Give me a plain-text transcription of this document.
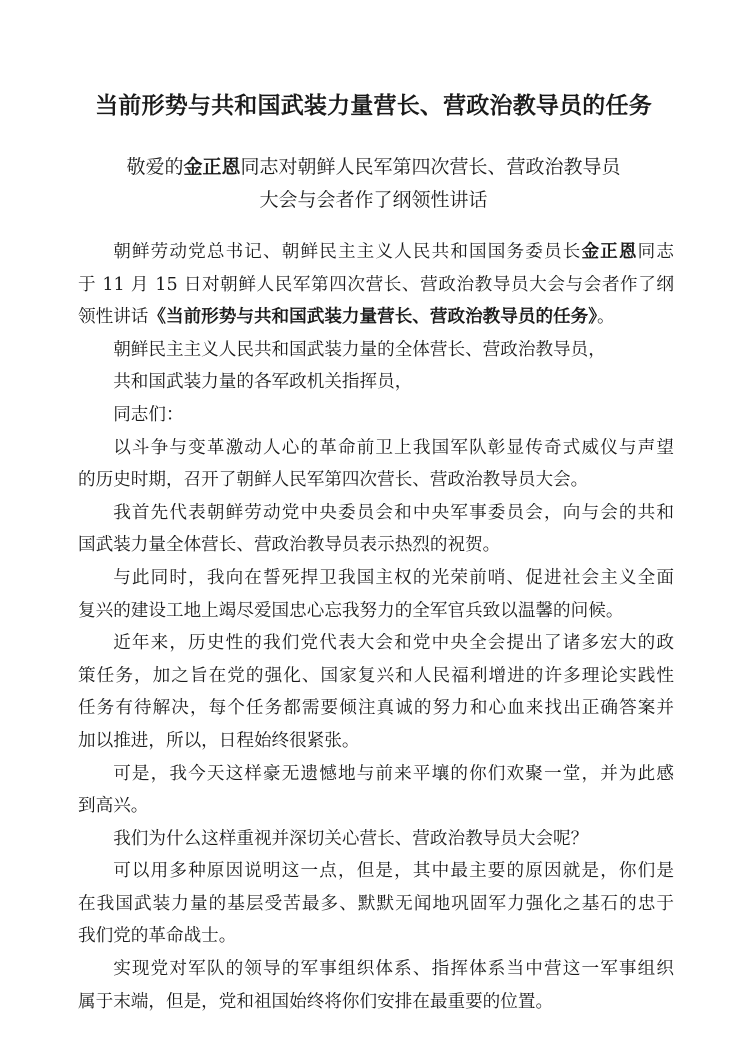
当前形势与共和国武装力量营长、营政治教导员的任务
敬爱的金正恩同志对朝鲜人民军第四次营长、营政治教导员
大会与会者作了纲领性讲话
朝鲜劳动党总书记、朝鲜民主主义人民共和国国务委员长金正恩同志
于 11 月 15 日对朝鲜人民军第四次营长、营政治教导员大会与会者作了纲
领性讲话《当前形势与共和国武装力量营长、营政治教导员的任务》。
朝鲜民主主义人民共和国武装力量的全体营长、营政治教导员，
共和国武装力量的各军政机关指挥员，
同志们：
以斗争与变革激动人心的革命前卫上我国军队彰显传奇式威仪与声望
的历史时期，召开了朝鲜人民军第四次营长、营政治教导员大会。
我首先代表朝鲜劳动党中央委员会和中央军事委员会，向与会的共和
国武装力量全体营长、营政治教导员表示热烈的祝贺。
与此同时，我向在誓死捍卫我国主权的光荣前哨、促进社会主义全面
复兴的建设工地上竭尽爱国忠心忘我努力的全军官兵致以温馨的问候。
近年来，历史性的我们党代表大会和党中央全会提出了诸多宏大的政
策任务，加之旨在党的强化、国家复兴和人民福利增进的许多理论实践性
任务有待解决，每个任务都需要倾注真诚的努力和心血来找出正确答案并
加以推进，所以，日程始终很紧张。
可是，我今天这样豪无遗憾地与前来平壤的你们欢聚一堂，并为此感
到高兴。
我们为什么这样重视并深切关心营长、营政治教导员大会呢？
可以用多种原因说明这一点，但是，其中最主要的原因就是，你们是
在我国武装力量的基层受苦最多、默默无闻地巩固军力强化之基石的忠于
我们党的革命战士。
实现党对军队的领导的军事组织体系、指挥体系当中营这一军事组织
属于末端，但是，党和祖国始终将你们安排在最重要的位置。
